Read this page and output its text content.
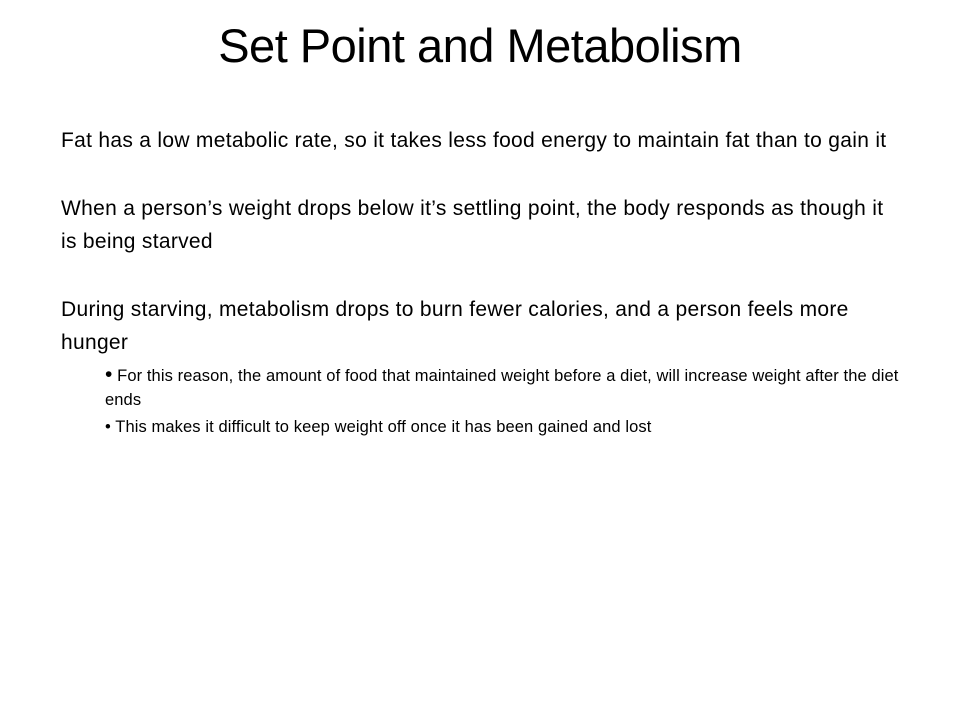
Set Point and Metabolism

Fat has a low metabolic rate, so it takes less food energy to maintain fat than to gain it

When a person’s weight drops below it’s settling point, the body responds as though it is being starved

During starving, metabolism drops to burn fewer calories, and a person feels more hunger

• For this reason, the amount of food that maintained weight before a diet, will increase weight after the diet ends
• This makes it difficult to keep weight off once it has been gained and lost
